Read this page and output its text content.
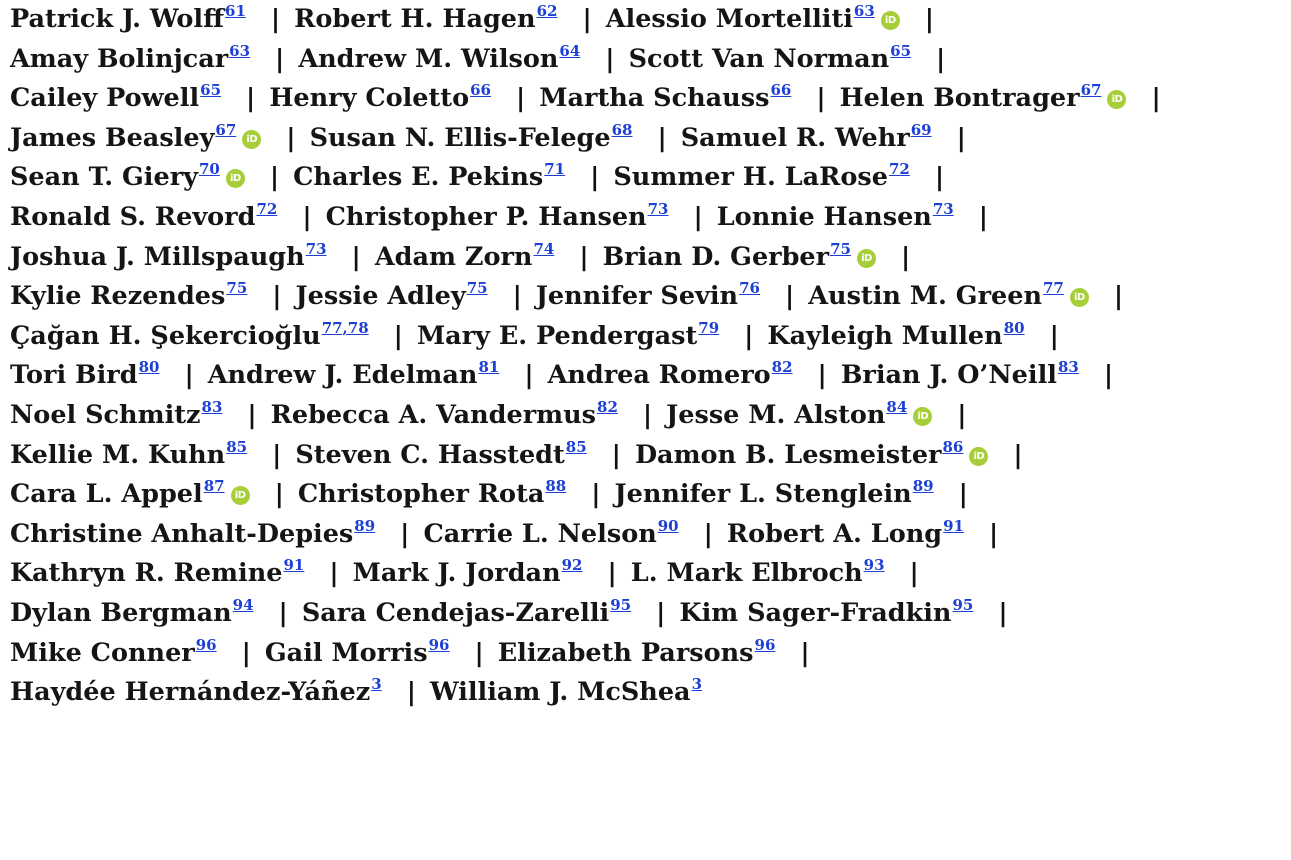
Patrick J. Wolff$^{61}$ | Robert H. Hagen$^{62}$ | Alessio Mortelliti$^{63}$iD |
Amay Bolinjcar$^{63}$ | Andrew M. Wilson$^{64}$ | Scott Van Norman$^{65}$ |
Cailey Powell$^{65}$ | Henry Coletto$^{66}$ | Martha Schauss$^{66}$ | Helen Bontrager$^{67}$iD |
James Beasley$^{67}$iD | Susan N. Ellis-Felege$^{68}$ | Samuel R. Wehr$^{69}$ |
Sean T. Giery$^{70}$iD | Charles E. Pekins$^{71}$ | Summer H. LaRose$^{72}$ |
Ronald S. Revord$^{72}$ | Christopher P. Hansen$^{73}$ | Lonnie Hansen$^{73}$ |
Joshua J. Millspaugh$^{73}$ | Adam Zorn$^{74}$ | Brian D. Gerber$^{75}$iD |
Kylie Rezendes$^{75}$ | Jessie Adley$^{75}$ | Jennifer Sevin$^{76}$ | Austin M. Green$^{77}$iD |
Çağan H. Şekercioğlu$^{77,78}$ | Mary E. Pendergast$^{79}$ | Kayleigh Mullen$^{80}$ |
Tori Bird$^{80}$ | Andrew J. Edelman$^{81}$ | Andrea Romero$^{82}$ | Brian J. O’Neill$^{83}$ |
Noel Schmitz$^{83}$ | Rebecca A. Vandermus$^{82}$ | Jesse M. Alston$^{84}$iD |
Kellie M. Kuhn$^{85}$ | Steven C. Hasstedt$^{85}$ | Damon B. Lesmeister$^{86}$iD |
Cara L. Appel$^{87}$iD | Christopher Rota$^{88}$ | Jennifer L. Stenglein$^{89}$ |
Christine Anhalt-Depies$^{89}$ | Carrie L. Nelson$^{90}$ | Robert A. Long$^{91}$ |
Kathryn R. Remine$^{91}$ | Mark J. Jordan$^{92}$ | L. Mark Elbroch$^{93}$ |
Dylan Bergman$^{94}$ | Sara Cendejas-Zarelli$^{95}$ | Kim Sager-Fradkin$^{95}$ |
Mike Conner$^{96}$ | Gail Morris$^{96}$ | Elizabeth Parsons$^{96}$ |
Haydée Hernández-Yáñez$^3$ | William J. McShea$^3$
